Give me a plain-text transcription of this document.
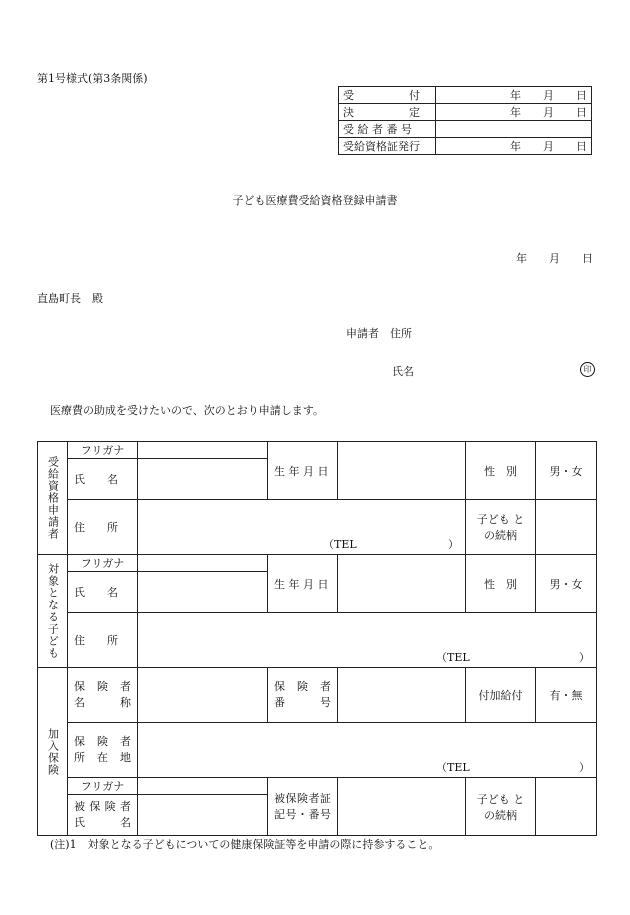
第1号様式(第3条関係)
受　　　　　付	年　　月　　日
決　　　　　定	年　　月　　日
受 給 者 番 号	
受給資格証発行	年　　月　　日
子ども医療費受給資格登録申請書
年　　月　　日
直島町長　殿
申請者　住所
氏名	印
医療費の助成を受けたいので、次のとおり申請します。
受給資格申請者	フリガナ		生 年 月 日		性　別	男・女
	氏　　名					
	住　　所	（TEL ）			子ども との続柄	
対象となる子ども	フリガナ		生 年 月 日		性　別	男・女
	氏　　名					
	住　　所	（TEL ）				

加入保険	保　険　者 名　　　称		保　険　者 番　　　号		付加給付	有・無
	保　険　者 所　在　地	（TEL ）				

	フリガナ		被保険者証 記号・番号		子ども との続柄	
	被 保 険 者 氏　　　名					
(注)1　対象となる子どもについての健康保険証等を申請の際に持参すること。
